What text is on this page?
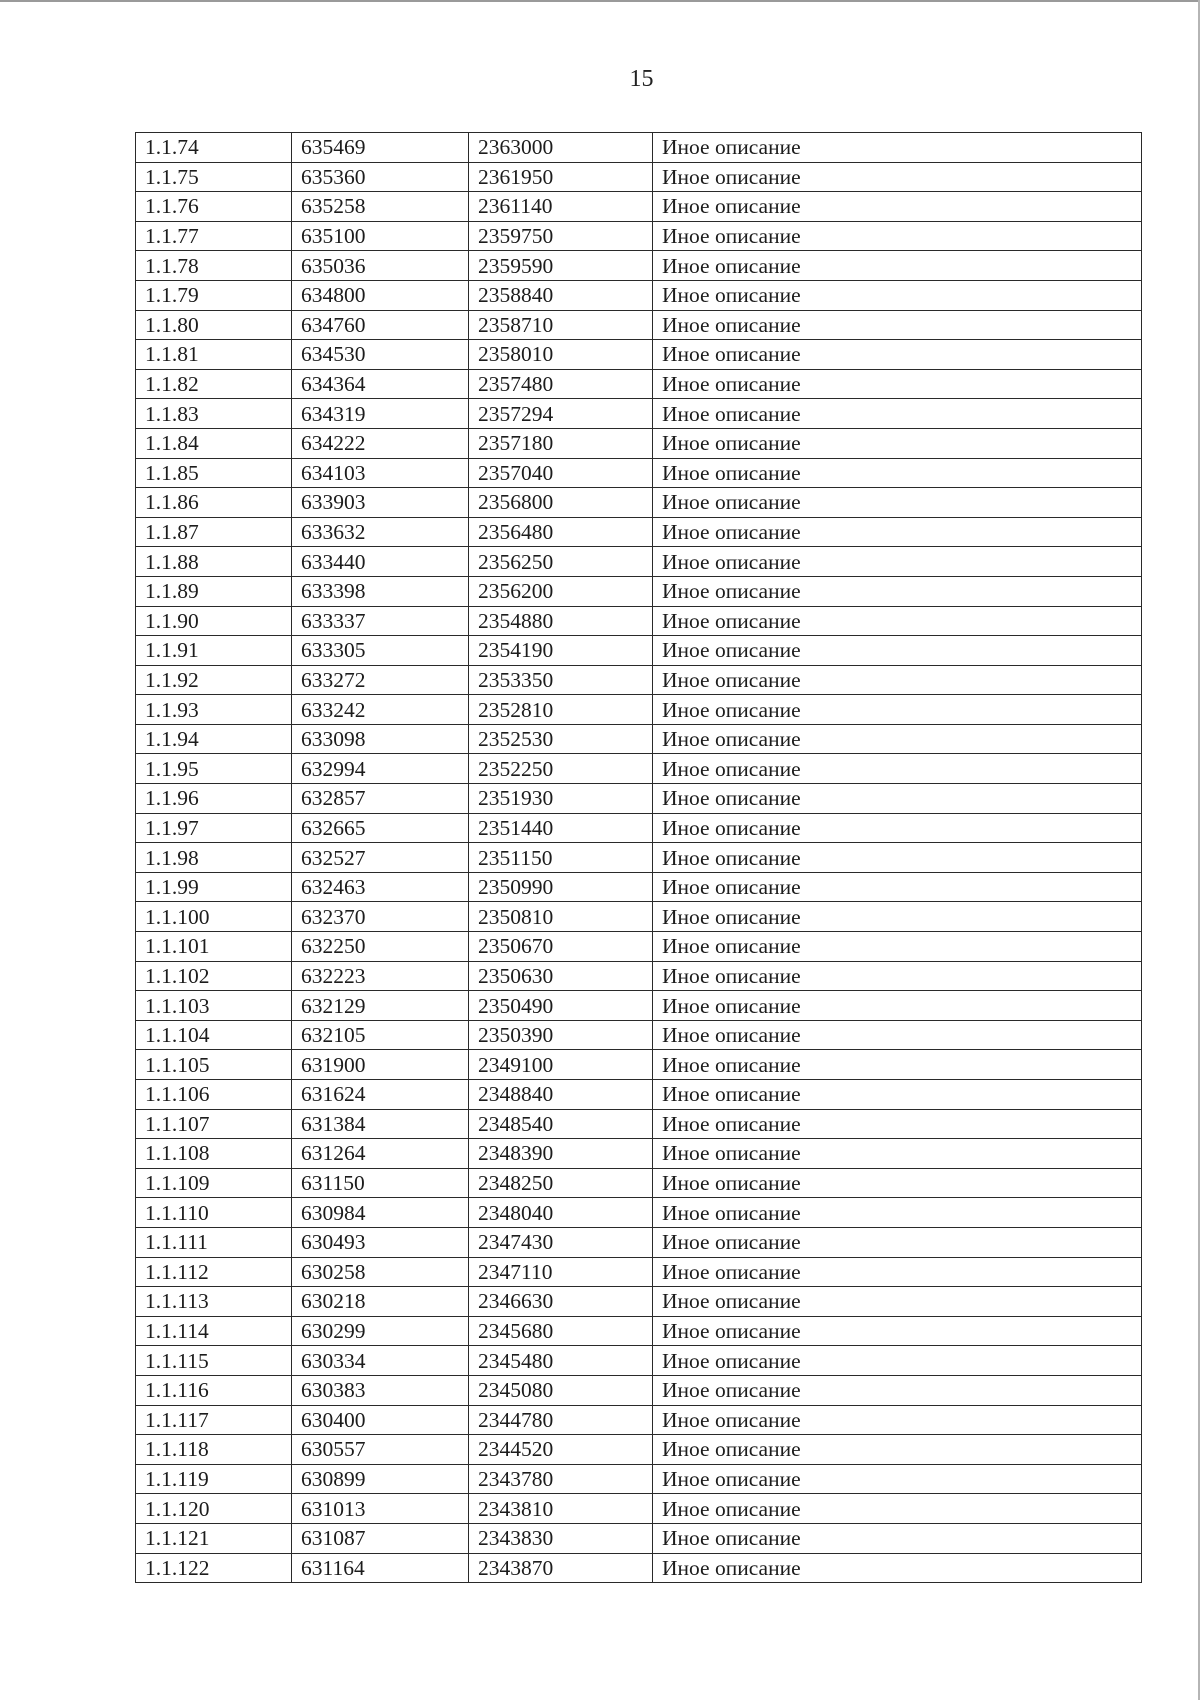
15
1.1.74	635469	2363000	Иное описание
1.1.75	635360	2361950	Иное описание
1.1.76	635258	2361140	Иное описание
1.1.77	635100	2359750	Иное описание
1.1.78	635036	2359590	Иное описание
1.1.79	634800	2358840	Иное описание
1.1.80	634760	2358710	Иное описание
1.1.81	634530	2358010	Иное описание
1.1.82	634364	2357480	Иное описание
1.1.83	634319	2357294	Иное описание
1.1.84	634222	2357180	Иное описание
1.1.85	634103	2357040	Иное описание
1.1.86	633903	2356800	Иное описание
1.1.87	633632	2356480	Иное описание
1.1.88	633440	2356250	Иное описание
1.1.89	633398	2356200	Иное описание
1.1.90	633337	2354880	Иное описание
1.1.91	633305	2354190	Иное описание
1.1.92	633272	2353350	Иное описание
1.1.93	633242	2352810	Иное описание
1.1.94	633098	2352530	Иное описание
1.1.95	632994	2352250	Иное описание
1.1.96	632857	2351930	Иное описание
1.1.97	632665	2351440	Иное описание
1.1.98	632527	2351150	Иное описание
1.1.99	632463	2350990	Иное описание
1.1.100	632370	2350810	Иное описание
1.1.101	632250	2350670	Иное описание
1.1.102	632223	2350630	Иное описание
1.1.103	632129	2350490	Иное описание
1.1.104	632105	2350390	Иное описание
1.1.105	631900	2349100	Иное описание
1.1.106	631624	2348840	Иное описание
1.1.107	631384	2348540	Иное описание
1.1.108	631264	2348390	Иное описание
1.1.109	631150	2348250	Иное описание
1.1.110	630984	2348040	Иное описание
1.1.111	630493	2347430	Иное описание
1.1.112	630258	2347110	Иное описание
1.1.113	630218	2346630	Иное описание
1.1.114	630299	2345680	Иное описание
1.1.115	630334	2345480	Иное описание
1.1.116	630383	2345080	Иное описание
1.1.117	630400	2344780	Иное описание
1.1.118	630557	2344520	Иное описание
1.1.119	630899	2343780	Иное описание
1.1.120	631013	2343810	Иное описание
1.1.121	631087	2343830	Иное описание
1.1.122	631164	2343870	Иное описание
